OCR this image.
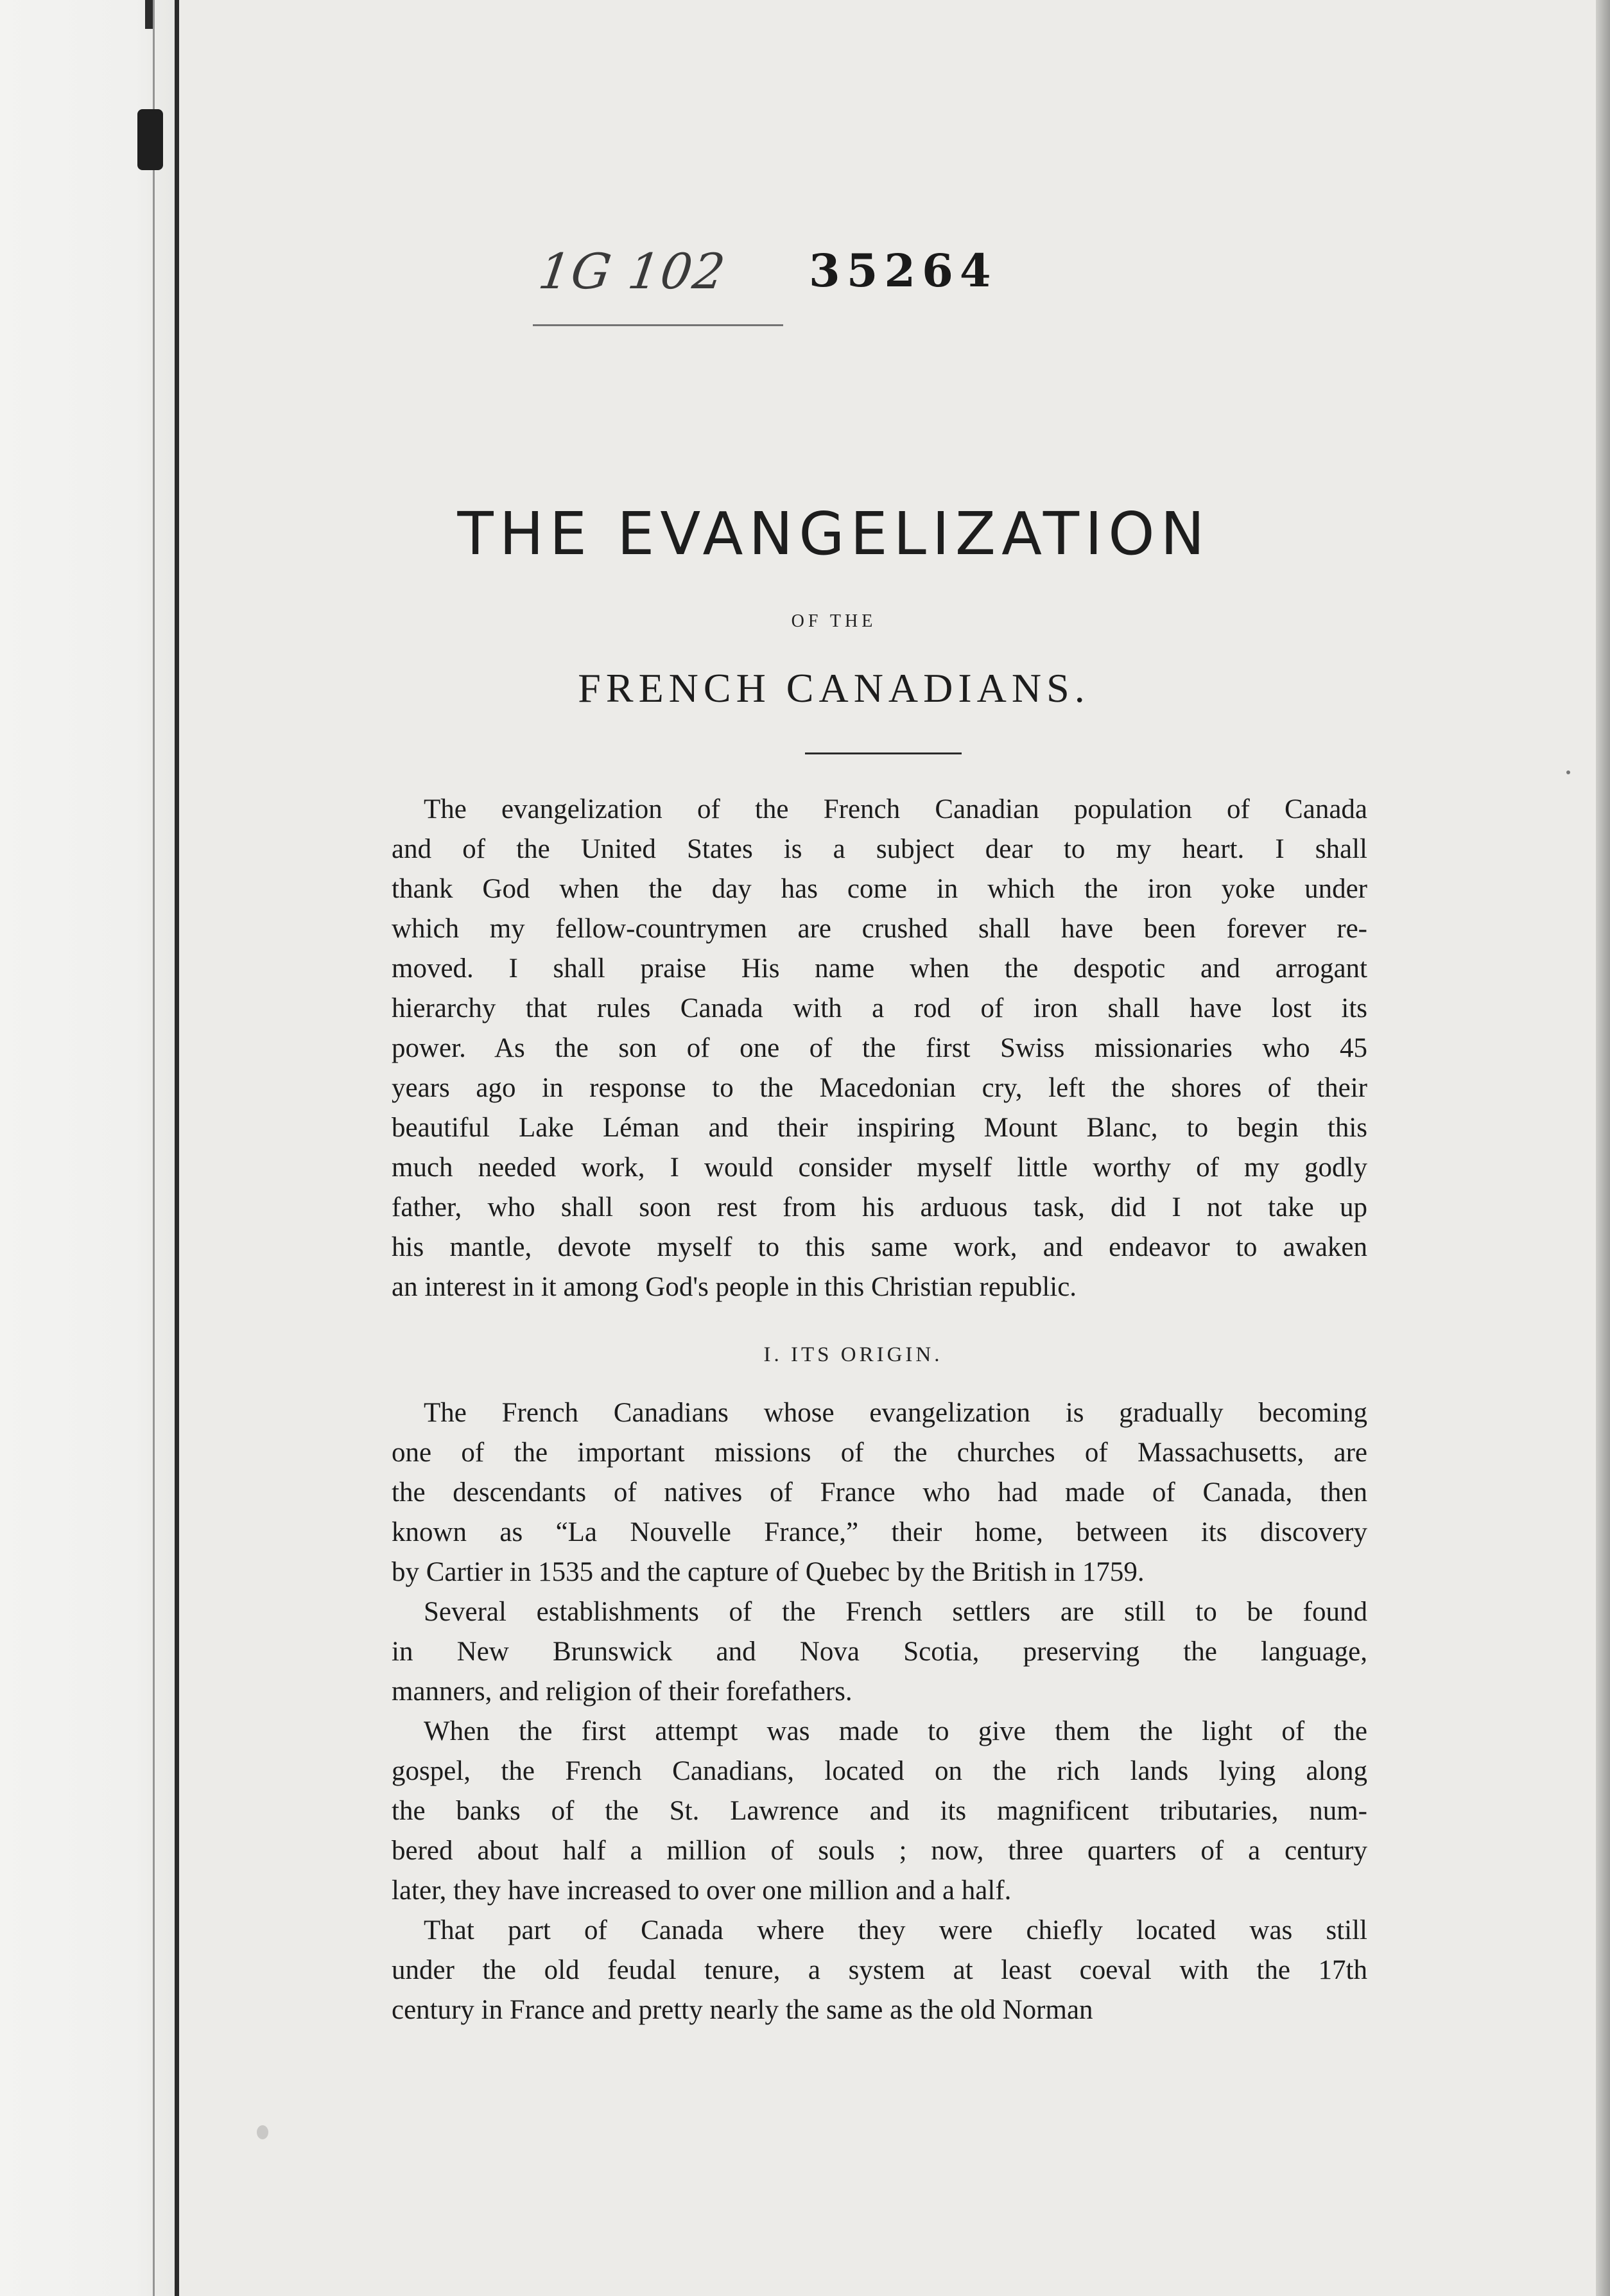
1G 102 35264
THE EVANGELIZATION
OF THE
FRENCH CANADIANS.

The evangelization of the French Canadian population of Canada
and of the United States is a subject dear to my heart. I shall
thank God when the day has come in which the iron yoke under
which my fellow-countrymen are crushed shall have been forever re-
moved. I shall praise His name when the despotic and arrogant
hierarchy that rules Canada with a rod of iron shall have lost its
power. As the son of one of the first Swiss missionaries who 45
years ago in response to the Macedonian cry, left the shores of their
beautiful Lake Léman and their inspiring Mount Blanc, to begin this
much needed work, I would consider myself little worthy of my godly
father, who shall soon rest from his arduous task, did I not take up
his mantle, devote myself to this same work, and endeavor to awaken
an interest in it among God's people in this Christian republic.

I. ITS ORIGIN.

The French Canadians whose evangelization is gradually becoming
one of the important missions of the churches of Massachusetts, are
the descendants of natives of France who had made of Canada, then
known as “La Nouvelle France,” their home, between its discovery
by Cartier in 1535 and the capture of Quebec by the British in 1759.

Several establishments of the French settlers are still to be found
in New Brunswick and Nova Scotia, preserving the language,
manners, and religion of their forefathers.

When the first attempt was made to give them the light of the
gospel, the French Canadians, located on the rich lands lying along
the banks of the St. Lawrence and its magnificent tributaries, num-
bered about half a million of souls ; now, three quarters of a century
later, they have increased to over one million and a half.

That part of Canada where they were chiefly located was still
under the old feudal tenure, a system at least coeval with the 17th
century in France and pretty nearly the same as the old Norman
